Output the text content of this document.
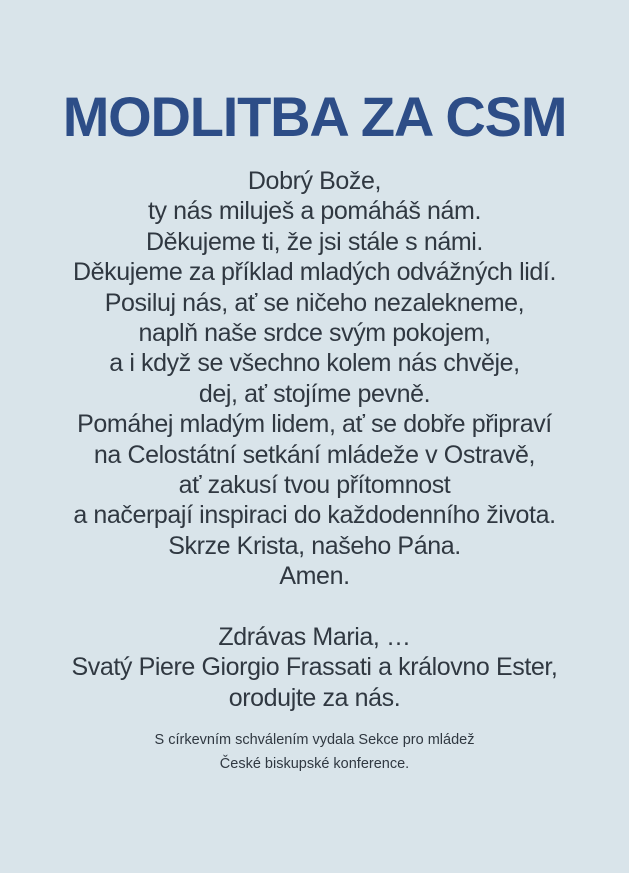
MODLITBA ZA CSM
Dobrý Bože,
ty nás miluješ a pomáháš nám.
Děkujeme ti, že jsi stále s námi.
Děkujeme za příklad mladých odvážných lidí.
Posiluj nás, ať se ničeho nezalekneme,
naplň naše srdce svým pokojem,
a i když se všechno kolem nás chvěje,
dej, ať stojíme pevně.
Pomáhej mladým lidem, ať se dobře připraví
na Celostátní setkání mládeže v Ostravě,
ať zakusí tvou přítomnost
a načerpají inspiraci do každodenního života.
Skrze Krista, našeho Pána.
Amen.
Zdrávas Maria, …
Svatý Piere Giorgio Frassati a královno Ester,
orodujte za nás.
S církevním schválením vydala Sekce pro mládež
České biskupské konference.
